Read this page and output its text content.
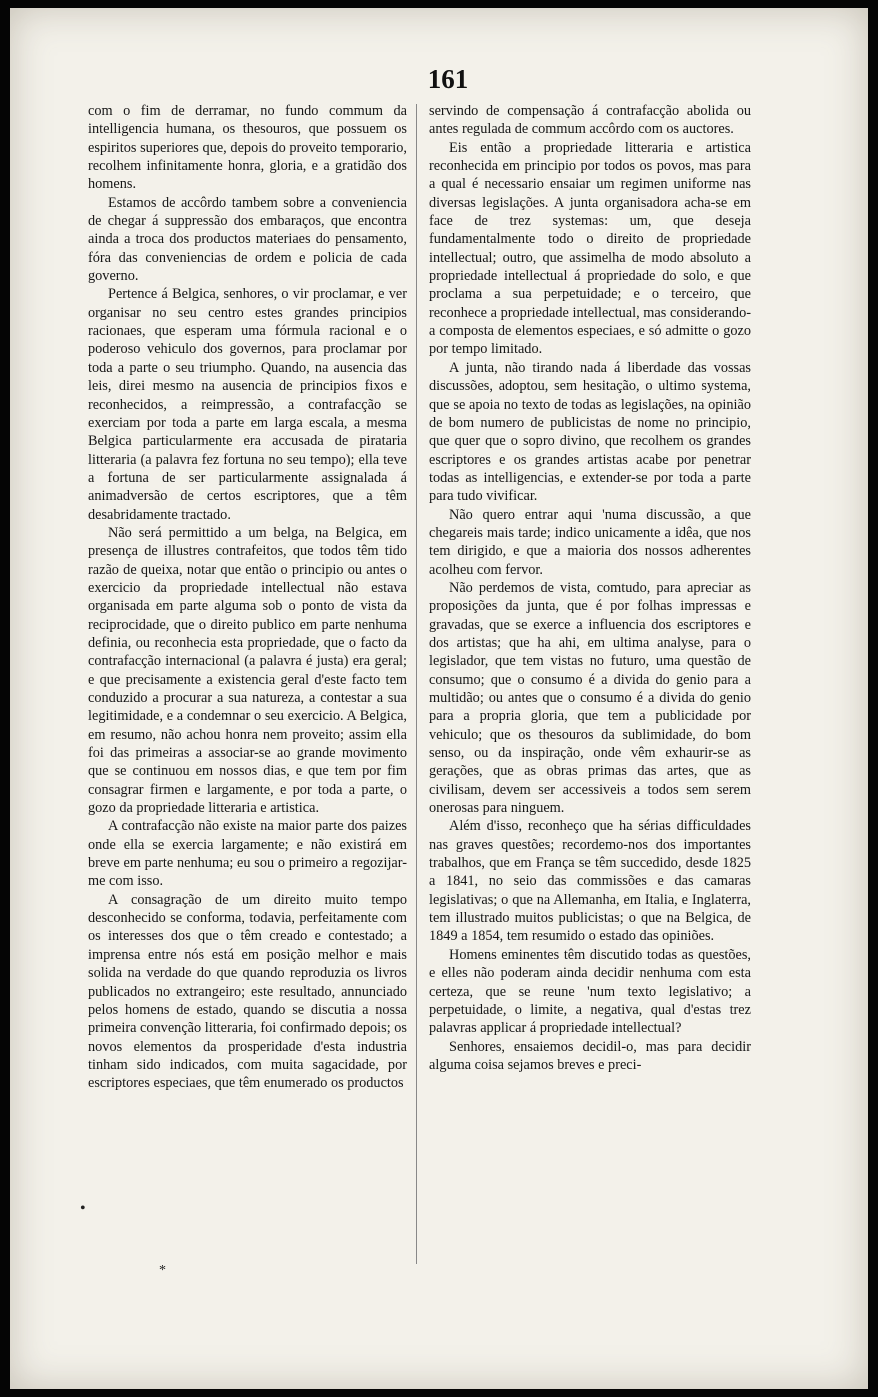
161

com o fim de derramar, no fundo commum da intelligencia humana, os thesouros, que possuem os espiritos superiores que, depois do proveito temporario, recolhem infinitamente honra, gloria, e a gratidão dos homens.

Estamos de accôrdo tambem sobre a conveniencia de chegar á suppressão dos embaraços, que encontra ainda a troca dos productos materiaes do pensamento, fóra das conveniencias de ordem e policia de cada governo.

Pertence á Belgica, senhores, o vir proclamar, e ver organisar no seu centro estes grandes principios racionaes, que esperam uma fórmula racional e o poderoso vehiculo dos governos, para proclamar por toda a parte o seu triumpho. Quando, na ausencia das leis, direi mesmo na ausencia de principios fixos e reconhecidos, a reimpressão, a contrafacção se exerciam por toda a parte em larga escala, a mesma Belgica particularmente era accusada de pirataria litteraria (a palavra fez fortuna no seu tempo); ella teve a fortuna de ser particularmente assignalada á animadversão de certos escriptores, que a têm desabridamente tractado.

Não será permittido a um belga, na Belgica, em presença de illustres contrafeitos, que todos têm tido razão de queixa, notar que então o principio ou antes o exercicio da propriedade intellectual não estava organisada em parte alguma sob o ponto de vista da reciprocidade, que o direito publico em parte nenhuma definia, ou reconhecia esta propriedade, que o facto da contrafacção internacional (a palavra é justa) era geral; e que precisamente a existencia geral d'este facto tem conduzido a procurar a sua natureza, a contestar a sua legitimidade, e a condemnar o seu exercicio. A Belgica, em resumo, não achou honra nem proveito; assim ella foi das primeiras a associar-se ao grande movimento que se continuou em nossos dias, e que tem por fim consagrar firmen e largamente, e por toda a parte, o gozo da propriedade litteraria e artistica.

A contrafacção não existe na maior parte dos paizes onde ella se exercia largamente; e não existirá em breve em parte nenhuma; eu sou o primeiro a regozijar-me com isso.

A consagração de um direito muito tempo desconhecido se conforma, todavia, perfeitamente com os interesses dos que o têm creado e contestado; a imprensa entre nós está em posição melhor e mais solida na verdade do que quando reproduzia os livros publicados no extrangeiro; este resultado, annunciado pelos homens de estado, quando se discutia a nossa primeira convenção litteraria, foi confirmado depois; os novos elementos da prosperidade d'esta industria tinham sido indicados, com muita sagacidade, por escriptores especiaes, que têm enumerado os productos

servindo de compensação á contrafacção abolida ou antes regulada de commum accôrdo com os auctores.

Eis então a propriedade litteraria e artistica reconhecida em principio por todos os povos, mas para a qual é necessario ensaiar um regimen uniforme nas diversas legislações. A junta organisadora acha-se em face de trez systemas: um, que deseja fundamentalmente todo o direito de propriedade intellectual; outro, que assimelha de modo absoluto a propriedade intellectual á propriedade do solo, e que proclama a sua perpetuidade; e o terceiro, que reconhece a propriedade intellectual, mas considerando-a composta de elementos especiaes, e só admitte o gozo por tempo limitado.

A junta, não tirando nada á liberdade das vossas discussões, adoptou, sem hesitação, o ultimo systema, que se apoia no texto de todas as legislações, na opinião de bom numero de publicistas de nome no principio, que quer que o sopro divino, que recolhem os grandes escriptores e os grandes artistas acabe por penetrar todas as intelligencias, e extender-se por toda a parte para tudo vivificar.

Não quero entrar aqui 'numa discussão, a que chegareis mais tarde; indico unicamente a idêa, que nos tem dirigido, e que a maioria dos nossos adherentes acolheu com fervor.

Não perdemos de vista, comtudo, para apreciar as proposições da junta, que é por folhas impressas e gravadas, que se exerce a influencia dos escriptores e dos artistas; que ha ahi, em ultima analyse, para o legislador, que tem vistas no futuro, uma questão de consumo; que o consumo é a divida do genio para a multidão; ou antes que o consumo é a divida do genio para a propria gloria, que tem a publicidade por vehiculo; que os thesouros da sublimidade, do bom senso, ou da inspiração, onde vêm exhaurir-se as gerações, que as obras primas das artes, que as civilisam, devem ser accessiveis a todos sem serem onerosas para ninguem.

Além d'isso, reconheço que ha sérias difficuldades nas graves questões; recordemo-nos dos importantes trabalhos, que em França se têm succedido, desde 1825 a 1841, no seio das commissões e das camaras legislativas; o que na Allemanha, em Italia, e Inglaterra, tem illustrado muitos publicistas; o que na Belgica, de 1849 a 1854, tem resumido o estado das opiniões.

Homens eminentes têm discutido todas as questões, e elles não poderam ainda decidir nenhuma com esta certeza, que se reune 'num texto legislativo; a perpetuidade, o limite, a negativa, qual d'estas trez palavras applicar á propriedade intellectual?

Senhores, ensaiemos decidil-o, mas para decidir alguma coisa sejamos breves e preci-

•
*
